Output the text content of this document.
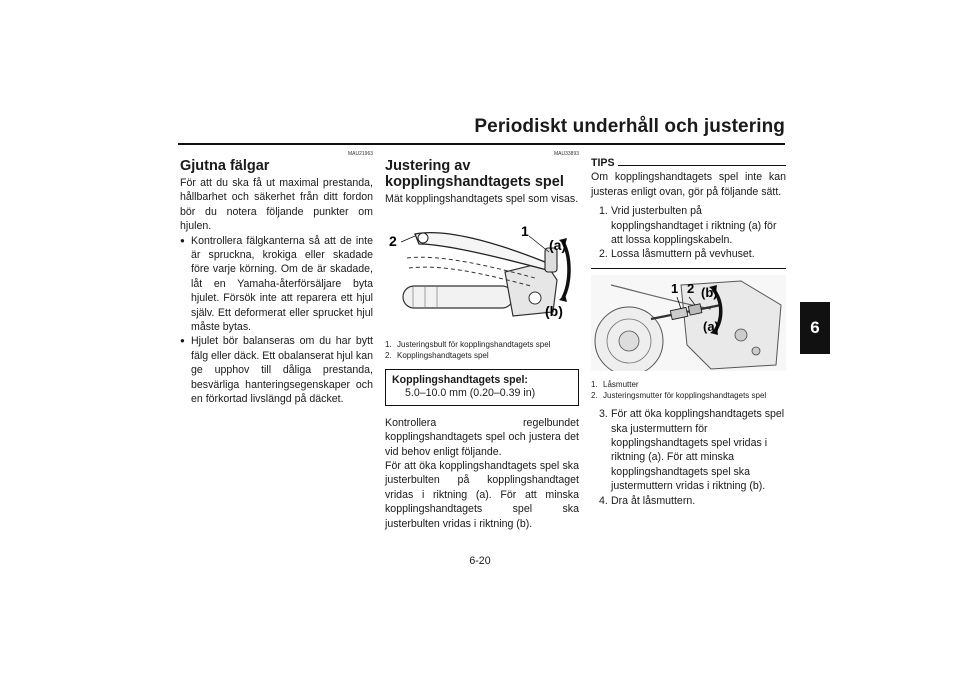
Periodiskt underhåll och justering
6
MAU21963
Gjutna fälgar

För att du ska få ut maximal prestanda, hållbarhet och säkerhet från ditt fordon bör du notera följande punkter om hjulen.

● Kontrollera fälgkanterna så att de inte är spruckna, krokiga eller skadade före varje körning. Om de är skadade, låt en Yamaha-återförsäljare byta hjulet. Försök inte att reparera ett hjul själv. Ett deformerat eller sprucket hjul måste bytas.
● Hjulet bör balanseras om du har bytt fälg eller däck. Ett obalanserat hjul kan ge upphov till dåliga prestanda, besvärliga hanteringsegenskaper och en förkortad livslängd på däcket.
MAU33893
Justering av kopplingshandtagets spel

Mät kopplingshandtagets spel som visas.

2
1
(a)
(b)
1. Justeringsbult för kopplingshandtagets spel
2. Kopplingshandtagets spel
Kopplingshandtagets spel:
5.0–10.0 mm (0.20–0.39 in)

Kontrollera regelbundet kopplingshandtagets spel och justera det vid behov enligt följande.

För att öka kopplingshandtagets spel ska justerbulten på kopplingshandtaget vridas i riktning (a). För att minska kopplingshandtagets spel ska justerbulten vridas i riktning (b).

TIPS

Om kopplingshandtagets spel inte kan justeras enligt ovan, gör på följande sätt.

1. Vrid justerbulten på kopplingshandtaget i riktning (a) för att lossa kopplingskabeln.
2. Lossa låsmuttern på vevhuset.
1 2 (b)
(a)
1. Låsmutter
2. Justeringsmutter för kopplingshandtagets spel
3. För att öka kopplingshandtagets spel ska justermuttern för kopplingshandtagets spel vridas i riktning (a). För att minska kopplingshandtagets spel ska justermuttern vridas i riktning (b).
4. Dra åt låsmuttern.
6-20
